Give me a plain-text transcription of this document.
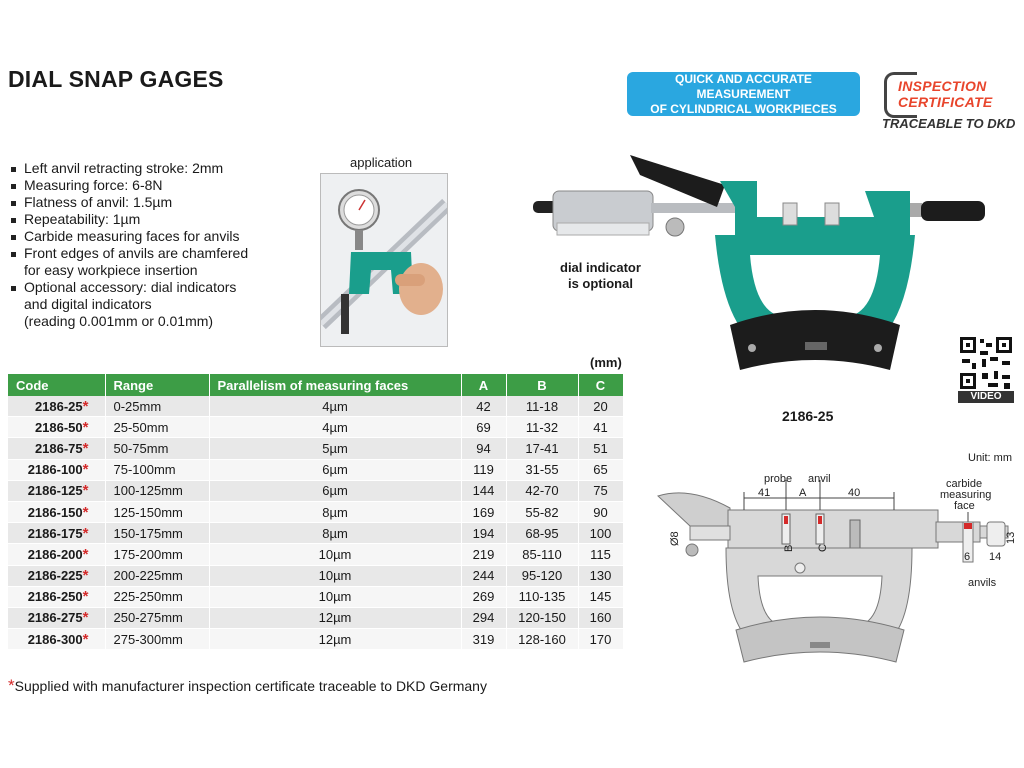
DIAL SNAP GAGES	QUICK AND ACCURATE MEASUREMENT
OF CYLINDRICAL WORKPIECES
INSPECTION
CERTIFICATE
TRACEABLE TO DKD
Left anvil retracting stroke: 2mm
Measuring force: 6-8N
Flatness of anvil: 1.5µm
Repeatability: 1µm
Carbide measuring faces for anvils
Front edges of anvils are chamfered
for easy workpiece insertion
Optional accessory: dial indicators
and digital indicators
(reading 0.001mm or 0.01mm)
application
dial indicator
is optional
2186-25
VIDEO
(mm)
Code	Range	Parallelism of measuring faces	A	B	C
2186-25*	0-25mm	4µm	42	11-18	20
2186-50*	25-50mm	4µm	69	11-32	41
2186-75*	50-75mm	5µm	94	17-41	51
2186-100*	75-100mm	6µm	119	31-55	65
2186-125*	100-125mm	6µm	144	42-70	75
2186-150*	125-150mm	8µm	169	55-82	90
2186-175*	150-175mm	8µm	194	68-95	100
2186-200*	175-200mm	10µm	219	85-110	115
2186-225*	200-225mm	10µm	244	95-120	130
2186-250*	225-250mm	10µm	269	110-135	145
2186-275*	250-275mm	12µm	294	120-150	160
2186-300*	275-300mm	12µm	319	128-160	170
*Supplied with manufacturer inspection certificate traceable to DKD Germany
Unit: mm
41	A	40
probe anvil
B C
Ø8
carbide
measuring
face
6 14
13
anvils
